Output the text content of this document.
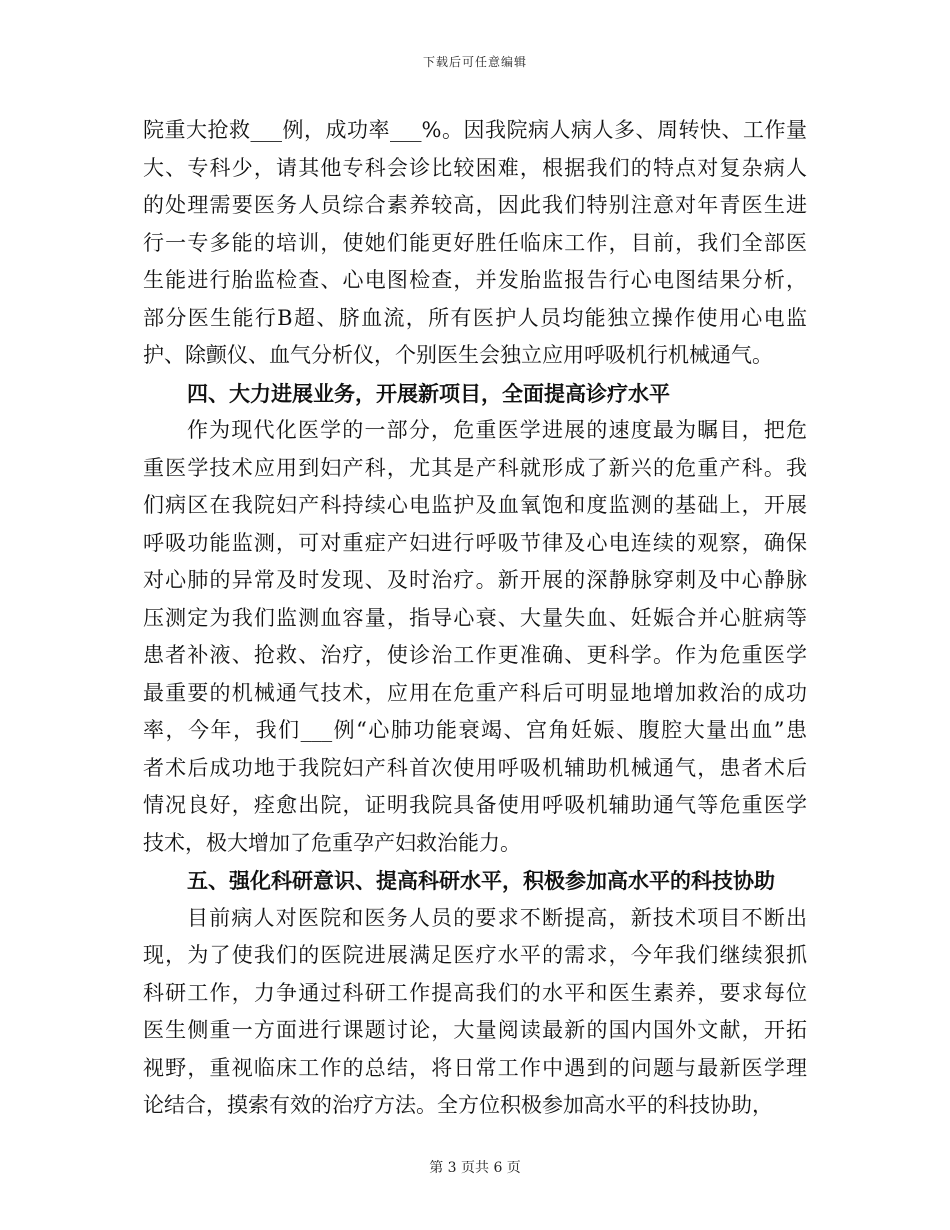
下载后可任意编辑
院重大抢救___例，成功率___%。因我院病人病人多、周转快、工作量
大、专科少，请其他专科会诊比较困难，根据我们的特点对复杂病人
的处理需要医务人员综合素养较高，因此我们特别注意对年青医生进
行一专多能的培训，使她们能更好胜任临床工作，目前，我们全部医
生能进行胎监检查、心电图检查，并发胎监报告行心电图结果分析，
部分医生能行B超、脐血流，所有医护人员均能独立操作使用心电监
护、除颤仪、血气分析仪，个别医生会独立应用呼吸机行机械通气。
四、大力进展业务，开展新项目，全面提高诊疗水平
作为现代化医学的一部分，危重医学进展的速度最为瞩目，把危
重医学技术应用到妇产科，尤其是产科就形成了新兴的危重产科。我
们病区在我院妇产科持续心电监护及血氧饱和度监测的基础上，开展
呼吸功能监测，可对重症产妇进行呼吸节律及心电连续的观察，确保
对心肺的异常及时发现、及时治疗。新开展的深静脉穿刺及中心静脉
压测定为我们监测血容量，指导心衰、大量失血、妊娠合并心脏病等
患者补液、抢救、治疗，使诊治工作更准确、更科学。作为危重医学
最重要的机械通气技术，应用在危重产科后可明显地增加救治的成功
率，今年，我们___例“心肺功能衰竭、宫角妊娠、腹腔大量出血”患
者术后成功地于我院妇产科首次使用呼吸机辅助机械通气，患者术后
情况良好，痊愈出院，证明我院具备使用呼吸机辅助通气等危重医学
技术，极大增加了危重孕产妇救治能力。
五、强化科研意识、提高科研水平，积极参加高水平的科技协助
目前病人对医院和医务人员的要求不断提高，新技术项目不断出
现，为了使我们的医院进展满足医疗水平的需求，今年我们继续狠抓
科研工作，力争通过科研工作提高我们的水平和医生素养，要求每位
医生侧重一方面进行课题讨论，大量阅读最新的国内国外文献，开拓
视野，重视临床工作的总结，将日常工作中遇到的问题与最新医学理
论结合，摸索有效的治疗方法。全方位积极参加高水平的科技协助，
第 3 页共 6 页
